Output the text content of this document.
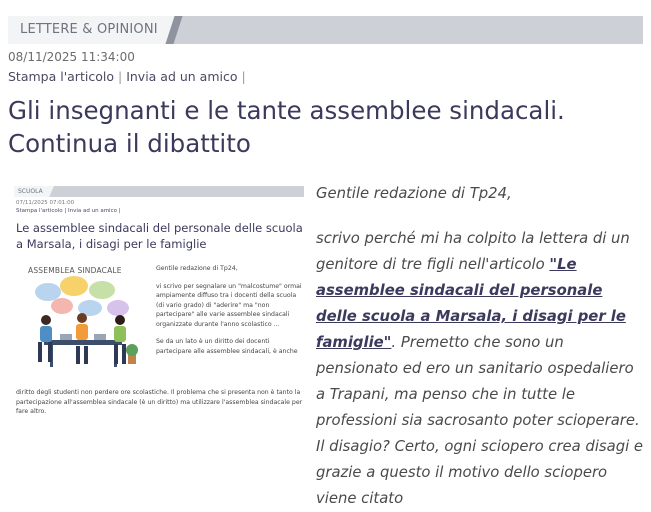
LETTERE & OPINIONI
08/11/2025 11:34:00
Stampa l'articolo | Invia ad un amico |
Gli insegnanti e le tante assemblee sindacali. Continua il dibattito
SCUOLA
07/11/2025 07:01:00
Stampa l'articolo | Invia ad un amico |
Le assemblee sindacali del personale delle scuola a Marsala, i disagi per le famiglie
ASSEMBLEA SINDACALE	Gentile redazione di Tp24,

vi scrivo per segnalare un "malcostume" ormai ampiamente diffuso tra i docenti della scuola (di vario grado) di "aderire" ma "non partecipare" alle varie assemblee sindacali organizzate durante l'anno scolastico ...

Se da un lato è un diritto dei docenti partecipare alle assemblee sindacali, è anche

diritto degli studenti non perdere ore scolastiche. Il problema che si presenta non è tanto la partecipazione all'assemblea sindacale (è un diritto) ma utilizzare l'assemblea sindacale per fare altro.

Gentile redazione di Tp24,

scrivo perché mi ha colpito la lettera di un genitore di tre figli nell'articolo "Le assemblee sindacali del personale delle scuola a Marsala, i disagi per le famiglie". Premetto che sono un pensionato ed ero un sanitario ospedaliero a Trapani, ma penso che in tutte le professioni sia sacrosanto poter scioperare. Il disagio? Certo, ogni sciopero crea disagi e grazie a questo il motivo dello sciopero viene citato
